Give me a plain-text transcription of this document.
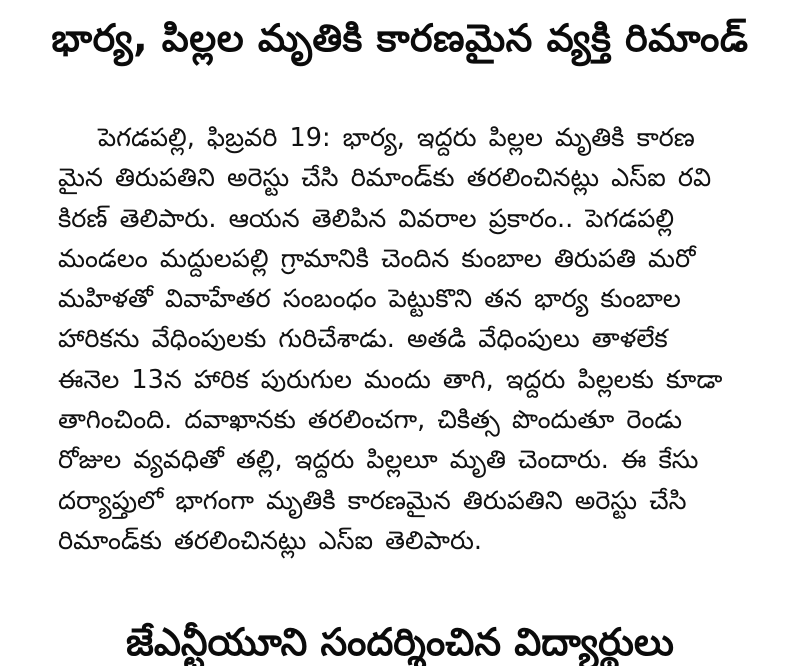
భార్య, పిల్లల మృతికి కారణమైన వ్యక్తి రిమాండ్
పెగడపల్లి, ఫిబ్రవరి 19: భార్య, ఇద్దరు పిల్లల మృతికి కారణ
మైన తిరుపతిని అరెస్టు చేసి రిమాండ్‌కు తరలించినట్లు ఎస్ఐ రవి
కిరణ్ తెలిపారు. ఆయన తెలిపిన వివరాల ప్రకారం.. పెగడపల్లి
మండలం మద్దులపల్లి గ్రామానికి చెందిన కుంబాల తిరుపతి మరో
మహిళతో వివాహేతర సంబంధం పెట్టుకొని తన భార్య కుంబాల
హారికను వేధింపులకు గురిచేశాడు. అతడి వేధింపులు తాళలేక
ఈనెల 13న హారిక పురుగుల మందు తాగి, ఇద్దరు పిల్లలకు కూడా
తాగించింది. దవాఖానకు తరలించగా, చికిత్స పొందుతూ రెండు
రోజుల వ్యవధితో తల్లి, ఇద్దరు పిల్లలూ మృతి చెందారు. ఈ కేసు
దర్యాప్తులో భాగంగా మృతికి కారణమైన తిరుపతిని అరెస్టు చేసి
రిమాండ్‌కు తరలించినట్లు ఎస్ఐ తెలిపారు.
జేఎన్టీయూని సందర్శించిన విద్యార్థులు
